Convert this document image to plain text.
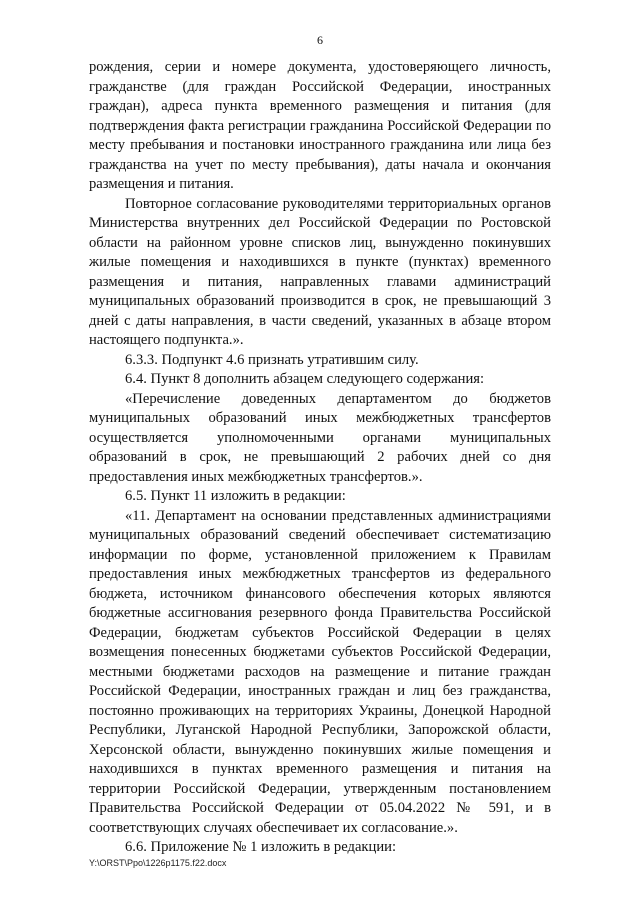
6

рождения, серии и номере документа, удостоверяющего личность, гражданстве (для граждан Российской Федерации, иностранных граждан), адреса пункта временного размещения и питания (для подтверждения факта регистрации гражданина Российской Федерации по месту пребывания и постановки иностранного гражданина или лица без гражданства на учет по месту пребывания), даты начала и окончания размещения и питания.

Повторное согласование руководителями территориальных органов Министерства внутренних дел Российской Федерации по Ростовской области на районном уровне списков лиц, вынужденно покинувших жилые помещения и находившихся в пункте (пунктах) временного размещения и питания, направленных главами администраций муниципальных образований производится в срок, не превышающий 3 дней с даты направления, в части сведений, указанных в абзаце втором настоящего подпункта.».

6.3.3. Подпункт 4.6 признать утратившим силу.

6.4. Пункт 8 дополнить абзацем следующего содержания:

«Перечисление доведенных департаментом до бюджетов муниципальных образований иных межбюджетных трансфертов осуществляется уполномоченными органами муниципальных образований в срок, не превышающий 2 рабочих дней со дня предоставления иных межбюджетных трансфертов.».

6.5. Пункт 11 изложить в редакции:

«11. Департамент на основании представленных администрациями муниципальных образований сведений обеспечивает систематизацию информации по форме, установленной приложением к Правилам предоставления иных межбюджетных трансфертов из федерального бюджета, источником финансового обеспечения которых являются бюджетные ассигнования резервного фонда Правительства Российской Федерации, бюджетам субъектов Российской Федерации в целях возмещения понесенных бюджетами субъектов Российской Федерации, местными бюджетами расходов на размещение и питание граждан Российской Федерации, иностранных граждан и лиц без гражданства, постоянно проживающих на территориях Украины, Донецкой Народной Республики, Луганской Народной Республики, Запорожской области, Херсонской области, вынужденно покинувших жилые помещения и находившихся в пунктах временного размещения и питания на территории Российской Федерации, утвержденным постановлением Правительства Российской Федерации от 05.04.2022 № 591, и в соответствующих случаях обеспечивает их согласование.».

6.6. Приложение № 1 изложить в редакции:

Y:\ORST\Ppo\1226p1175.f22.docx
